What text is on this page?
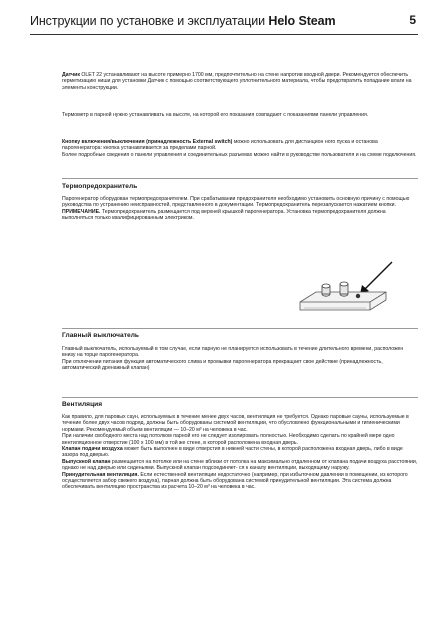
Инструкции по установке и эксплуатации Helo Steam	5

Датчик OLET 22 устанавливают на высоте примерно 1700 мм, предпочтительно на стене напротив входной двери. Рекомендуется обеспечить герметизацию ниши для установки Датчик с помощью соответствующего уплотнительного материала, чтобы предотвратить попадание влаги на элементы конструкции.

Термометр в парной нужно устанавливать на высоте, на которой его показания совпадают с показаниями панели управления.

Кнопку включения/выключения (принадлежность External switch) можно использовать для дистанцион ного пуска и останова парогенератора: кнопка устанавливается за пределами парной.

Более подробные сведения о панели управления и соединительных разъемах можно найти в руководстве пользователя и на схеме подключения.

Термопредохранитель

Парогенератор оборудован термопредохранителем. При срабатывании предохранителя необходимо установить основную причину с помощью руководства по устранению неисправностей, представленного в документации. Термопредохранитель перезапускается нажатием кнопки.

ПРИМЕЧАНИЕ. Термопредохранитель размещается под верхней крышкой парогенератора. Установка термопредохранителя должна выполняться только квалифицированным электриком.

Главный выключатель

Главный выключатель, используемый в том случае, если парную не планируется использовать в течение длительного времени, расположен внизу на торце парогенератора.

При отключении питания функция автоматического слива и промывки парогенератора прекращает свое действие (принадлежность, автоматический дренажный клапан)

Вентиляция

Как правило, для паровых саун, используемых в течение менее двух часов, вентиляция не требуется. Однако паровые сауны, используемые в течение более двух часов подряд, должны быть оборудованы системой вентиляции, что обусловлено функциональными и гигиеническими нормами. Рекомендуемый объем вентиляции — 10–20 м³ на человека в час.

При наличии свободного места над потолком парной его не следует изолировать полностью. Необходимо сделать по крайней мере одно вентиляционное отверстие (100 x 100 мм) в той же стене, в которой расположена входная дверь.

Клапан подачи воздуха может быть выполнен в виде отверстия в нижней части стены, в которой расположена входная дверь, либо в виде зазора под дверью.

Выпускной клапан размещается на потолке или на стене вблизи от потолка на максимально отдаленном от клапана подачи воздуха расстоянии, однако не над дверью или сиденьями. Выпускной клапан подсоединяет- ся к каналу вентиляции, выходящему наружу.

Принудительная вентиляция. Если естественной вентиляции недостаточно (например, при избыточном давлении в помещении, из которого осуществляется забор свежего воздуха), парная должна быть оборудована системой принудительной вентиляции. Эта система должна обеспечивать вентиляцию пространства из расчета 10–20 м³ на человека в час.
